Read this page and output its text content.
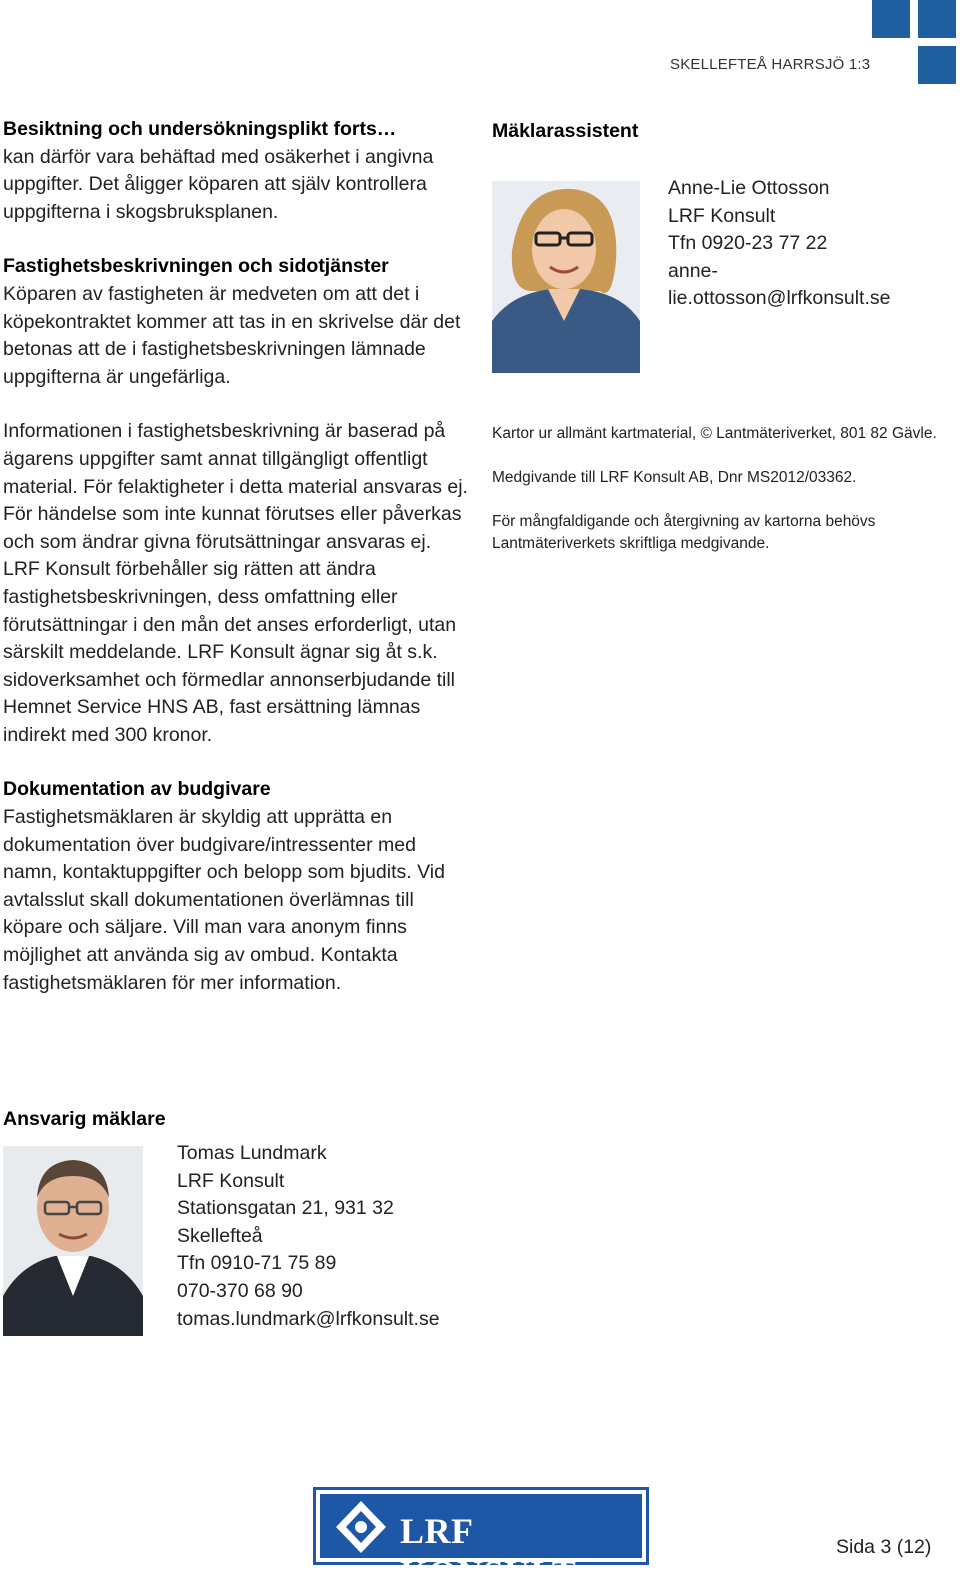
SKELLEFTEÅ HARRSJÖ 1:3
Besiktning och undersökningsplikt forts…

kan därför vara behäftad med osäkerhet i angivna uppgifter. Det åligger köparen att själv kontrollera uppgifterna i skogsbruksplanen.

Fastighetsbeskrivningen och sidotjänster

Köparen av fastigheten är medveten om att det i köpekontraktet kommer att tas in en skrivelse där det betonas att de i fastighetsbeskrivningen lämnade uppgifterna är ungefärliga.

Informationen i fastighetsbeskrivning är baserad på ägarens uppgifter samt annat tillgängligt offentligt material. För felaktigheter i detta material ansvaras ej. För händelse som inte kunnat förutses eller påverkas och som ändrar givna förutsättningar ansvaras ej. LRF Konsult förbehåller sig rätten att ändra fastighetsbeskrivningen, dess omfattning eller förutsättningar i den mån det anses erforderligt, utan särskilt meddelande. LRF Konsult ägnar sig åt s.k. sidoverksamhet och förmedlar annonserbjudande till Hemnet Service HNS AB, fast ersättning lämnas indirekt med 300 kronor.

Dokumentation av budgivare

Fastighetsmäklaren är skyldig att upprätta en dokumentation över budgivare/intressenter med namn, kontaktuppgifter och belopp som bjudits. Vid avtalsslut skall dokumentationen överlämnas till köpare och säljare. Vill man vara anonym finns möjlighet att använda sig av ombud. Kontakta fastighetsmäklaren för mer information.

Mäklarassistent
Anne-Lie Ottosson
LRF Konsult
Tfn 0920-23 77 22
anne-
lie.ottosson@lrfkonsult.se

Kartor ur allmänt kartmaterial, © Lantmäteriverket, 801 82 Gävle.

Medgivande till LRF Konsult AB, Dnr MS2012/03362.

För mångfaldigande och återgivning av kartorna behövs Lantmäteriverkets skriftliga medgivande.

Ansvarig mäklare
Tomas Lundmark
LRF Konsult
Stationsgatan 21, 931 32
Skellefteå
Tfn 0910-71 75 89
070-370 68 90
tomas.lundmark@lrfkonsult.se
LRF KONSULT
Sida 3 (12)
